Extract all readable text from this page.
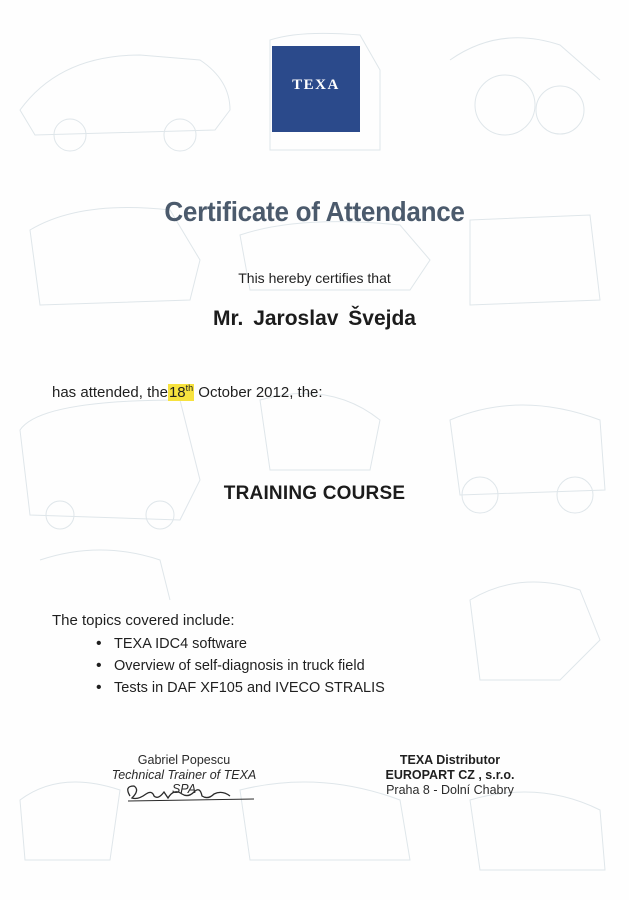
TEXA
Certificate of Attendance
This hereby certifies that
Mr. Jaroslav Švejda
has attended, the18th October 2012, the:
TRAINING COURSE
The topics covered include:
• TEXA IDC4 software
• Overview of self-diagnosis in truck field
• Tests in DAF XF105 and IVECO STRALIS
Gabriel Popescu
Technical Trainer of TEXA SPA
TEXA Distributor
EUROPART CZ , s.r.o.
Praha 8 - Dolní Chabry
